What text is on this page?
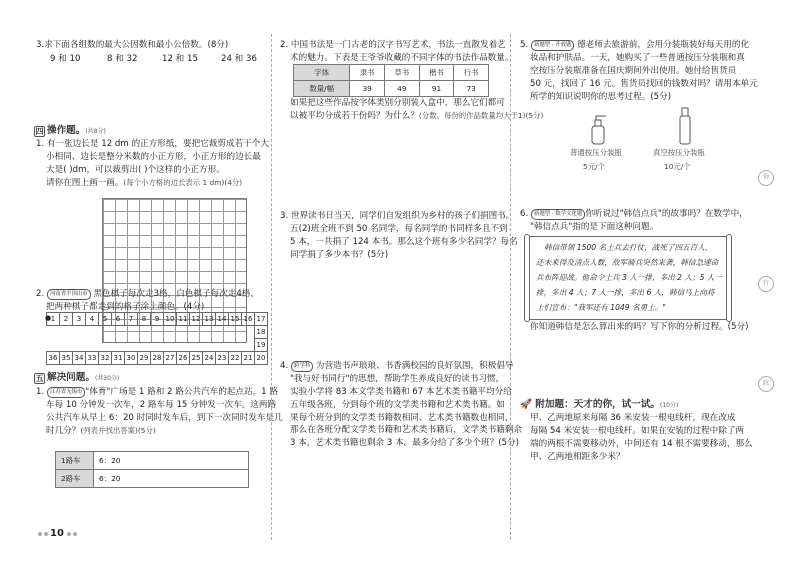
3.求下面各组数的最大公因数和最小公倍数。(8分)
9 和 10	8 和 32	12 和 15	24 和 36
四 操作题。(共8分)
1. 有一张边长是 12 dm 的正方形纸，要把它裁剪成若干个大
小相同、边长是整分米数的小正方形，小正方形的边长最
大是( )dm，可以裁剪出( )个这样的小正方形。
请你在图上画一画。(每个小方格的边长表示 1 dm)(4分)
2. 河南省平顶山市 黑色棋子每次走3格，白色棋子每次走4格，
把两种棋子都走到的格子涂上颜色。(4分)
1	2	3	4	5	6	7	8	9	10	11	12	13	14	15	16	17
																18
																19
36	35	34	33	32	31	30	29	28	27	26	25	24	23	22	21	20
●
五 解决问题。(共30分)
1. 江苏省无锡市 "体育"广场是 1 路和 2 路公共汽车的起点站，1 路
车每 10 分钟发一次车，2 路车每 15 分钟发一次车。这两路
公共汽车从早上 6：20 时同时发车后，到下一次同时发车是几
时几分？(列表并找出答案)(5分)
1路车	6：20
2路车	6：20
10
2. 中国书法是一门古老的汉字书写艺术，书法一直散发着艺
术的魅力。下表是王爷爷收藏的不同字体的书法作品数量。
字体	隶书	草书	楷书	行书
数量/幅	39	49	91	73
如果把这些作品按字体类别分别装入盒中，那么它们都可
以被平均分成若干份吗？为什么？(分数、每份的作品数量均大于1)(5分)
3. 世界读书日当天，同学们自发组织为乡村的孩子们捐图书。
五(2)班全班不到 50 名同学，每名同学的书同样多且不到
5 本，一共捐了 124 本书。那么这个班有多少名同学？每名
同学捐了多少本书？(5分)
4. 跨学科 为营造书声琅琅、书香满校园的良好氛围，积极倡导
"我与好书同行"的思想，帮助学生养成良好的读书习惯，
实验小学将 83 本文学类书籍和 67 本艺术类书籍平均分给
五年级各班，分到每个班的文学类书籍和艺术类书籍。如
果每个班分到的文学类书籍数相同、艺术类书籍数也相同，
那么在各班分配文学类书籍和艺术类书籍后，文学类书籍剩余
3 本，艺术类书籍也剩余 3 本。最多分给了多少个班？(5分)
5. 新题型 · 开放题 德老师去旅游前，会用分装瓶装好每天用的化
妆品和护肤品。一天，她购买了一些普通按压分装瓶和真
空按压分装瓶准备在国庆期间外出使用。她付给售货员
50 元，找回了 16 元。售货员找回的钱数对吗？请用本单元
所学的知识说明你的思考过程。(5分)
普通按压分装瓶	真空按压分装瓶
5元/个	10元/个
6. 新题型 · 数学文化题 你听说过"韩信点兵"的故事吗？在数学中，
"韩信点兵"指的是下面这种问题。
韩信带领 1500 名士兵去打仗，战死了四五百人，
还未来得及清点人数，敌军骑兵突然来袭，韩信急速命
兵布阵迎战。他命令士兵 3 人一排，多出 2 人；5 人一
排，多出 4 人；7 人一排，多出 6 人，韩信马上向将
士们宣布："我军还有 1049 名勇士。"
你知道韩信是怎么算出来的吗？写下你的分析过程。(5分)
🚀 附加题：天才的你，试一试。(10分)
甲、乙两地原来每隔 36 米安装一根电线杆，现在改成
每隔 54 米安装一根电线杆。如果在安装的过程中除了两
端的两根不需要移动外，中间还有 14 根不需要移动，那么
甲、乙两地相距多少米？
钟
行
政
